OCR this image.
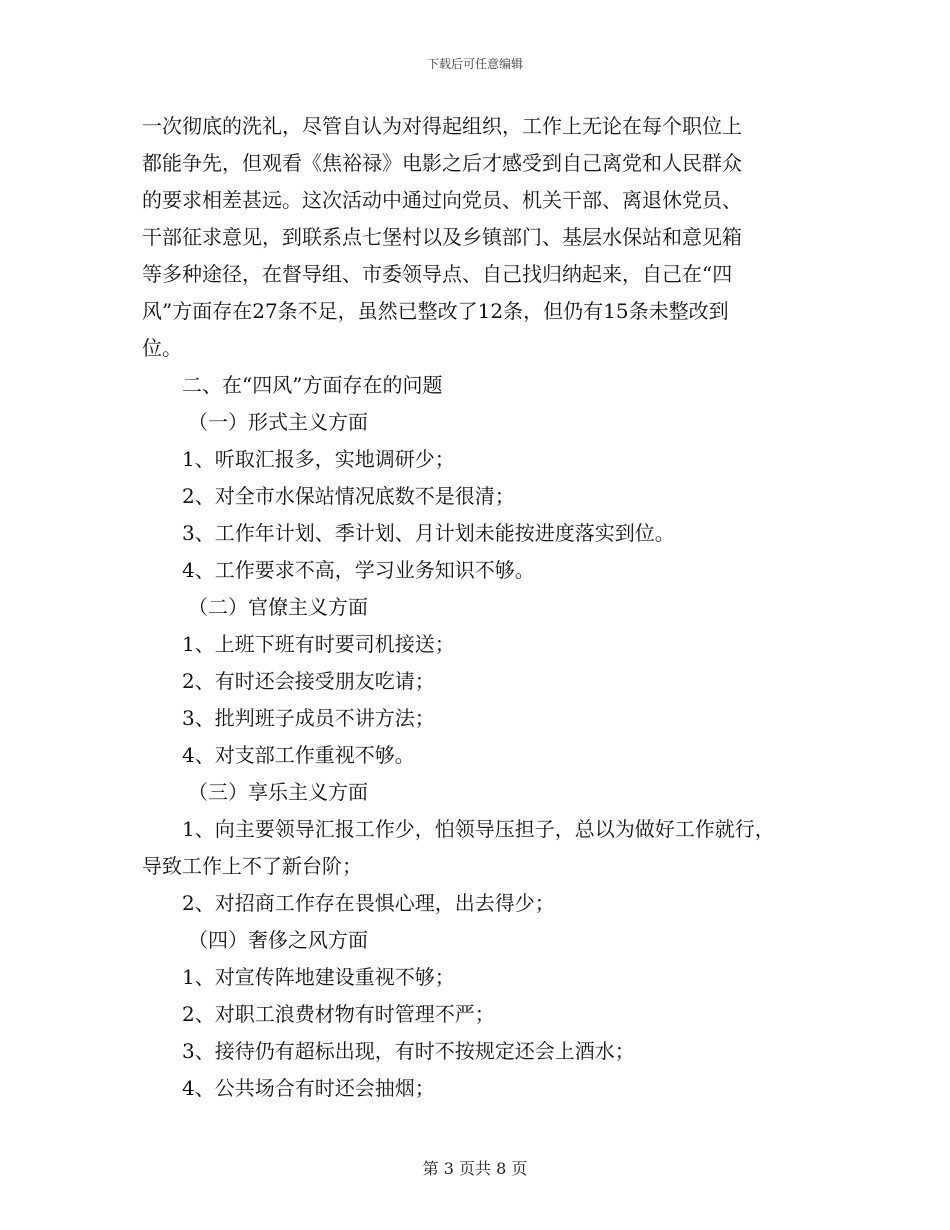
下载后可任意编辑
一次彻底的洗礼，尽管自认为对得起组织，工作上无论在每个职位上
都能争先，但观看《焦裕禄》电影之后才感受到自己离党和人民群众
的要求相差甚远。这次活动中通过向党员、机关干部、离退休党员、
干部征求意见，到联系点七堡村以及乡镇部门、基层水保站和意见箱
等多种途径，在督导组、市委领导点、自己找归纳起来，自己在“四
风”方面存在27条不足，虽然已整改了12条，但仍有15条未整改到
位。
二、在“四风”方面存在的问题
（一）形式主义方面
1、听取汇报多，实地调研少；
2、对全市水保站情况底数不是很清；
3、工作年计划、季计划、月计划未能按进度落实到位。
4、工作要求不高，学习业务知识不够。
（二）官僚主义方面
1、上班下班有时要司机接送；
2、有时还会接受朋友吃请；
3、批判班子成员不讲方法；
4、对支部工作重视不够。
（三）享乐主义方面
1、向主要领导汇报工作少，怕领导压担子，总以为做好工作就行，
导致工作上不了新台阶；
2、对招商工作存在畏惧心理，出去得少；
（四）奢侈之风方面
1、对宣传阵地建设重视不够；
2、对职工浪费材物有时管理不严；
3、接待仍有超标出现，有时不按规定还会上酒水；
4、公共场合有时还会抽烟；
第 3 页共 8 页
